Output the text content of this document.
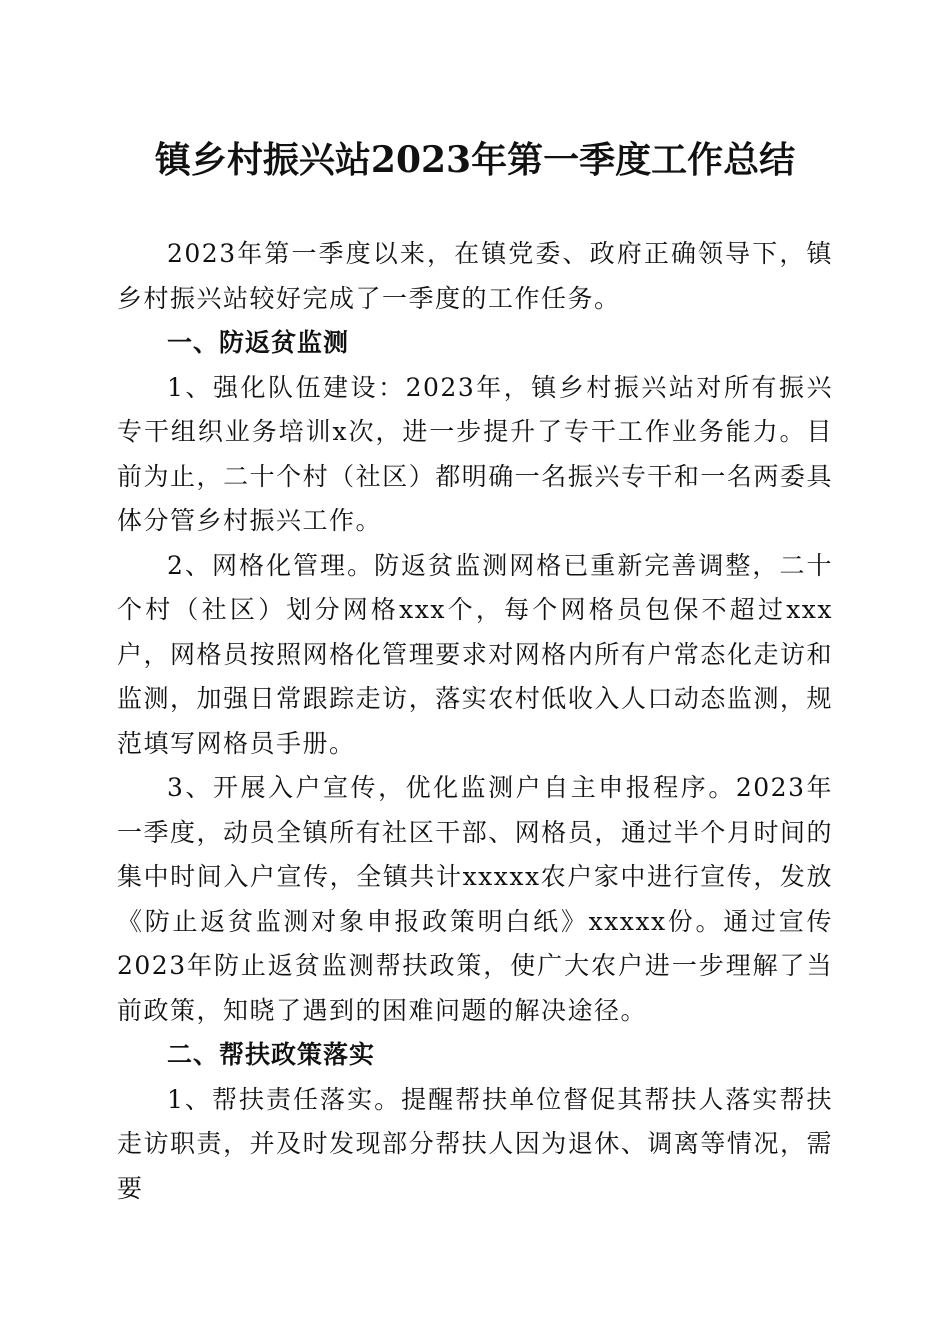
镇乡村振兴站2023年第一季度工作总结

2023年第一季度以来，在镇党委、政府正确领导下，镇乡村振兴站较好完成了一季度的工作任务。

一、防返贫监测

1、强化队伍建设：2023年，镇乡村振兴站对所有振兴专干组织业务培训x次，进一步提升了专干工作业务能力。目前为止，二十个村（社区）都明确一名振兴专干和一名两委具体分管乡村振兴工作。

2、网格化管理。防返贫监测网格已重新完善调整，二十个村（社区）划分网格xxx个，每个网格员包保不超过xxx户，网格员按照网格化管理要求对网格内所有户常态化走访和监测，加强日常跟踪走访，落实农村低收入人口动态监测，规范填写网格员手册。

3、开展入户宣传，优化监测户自主申报程序。2023年一季度，动员全镇所有社区干部、网格员，通过半个月时间的集中时间入户宣传，全镇共计xxxxx农户家中进行宣传，发放《防止返贫监测对象申报政策明白纸》xxxxx份。通过宣传2023年防止返贫监测帮扶政策，使广大农户进一步理解了当前政策，知晓了遇到的困难问题的解决途径。

二、帮扶政策落实

1、帮扶责任落实。提醒帮扶单位督促其帮扶人落实帮扶走访职责，并及时发现部分帮扶人因为退休、调离等情况，需要
